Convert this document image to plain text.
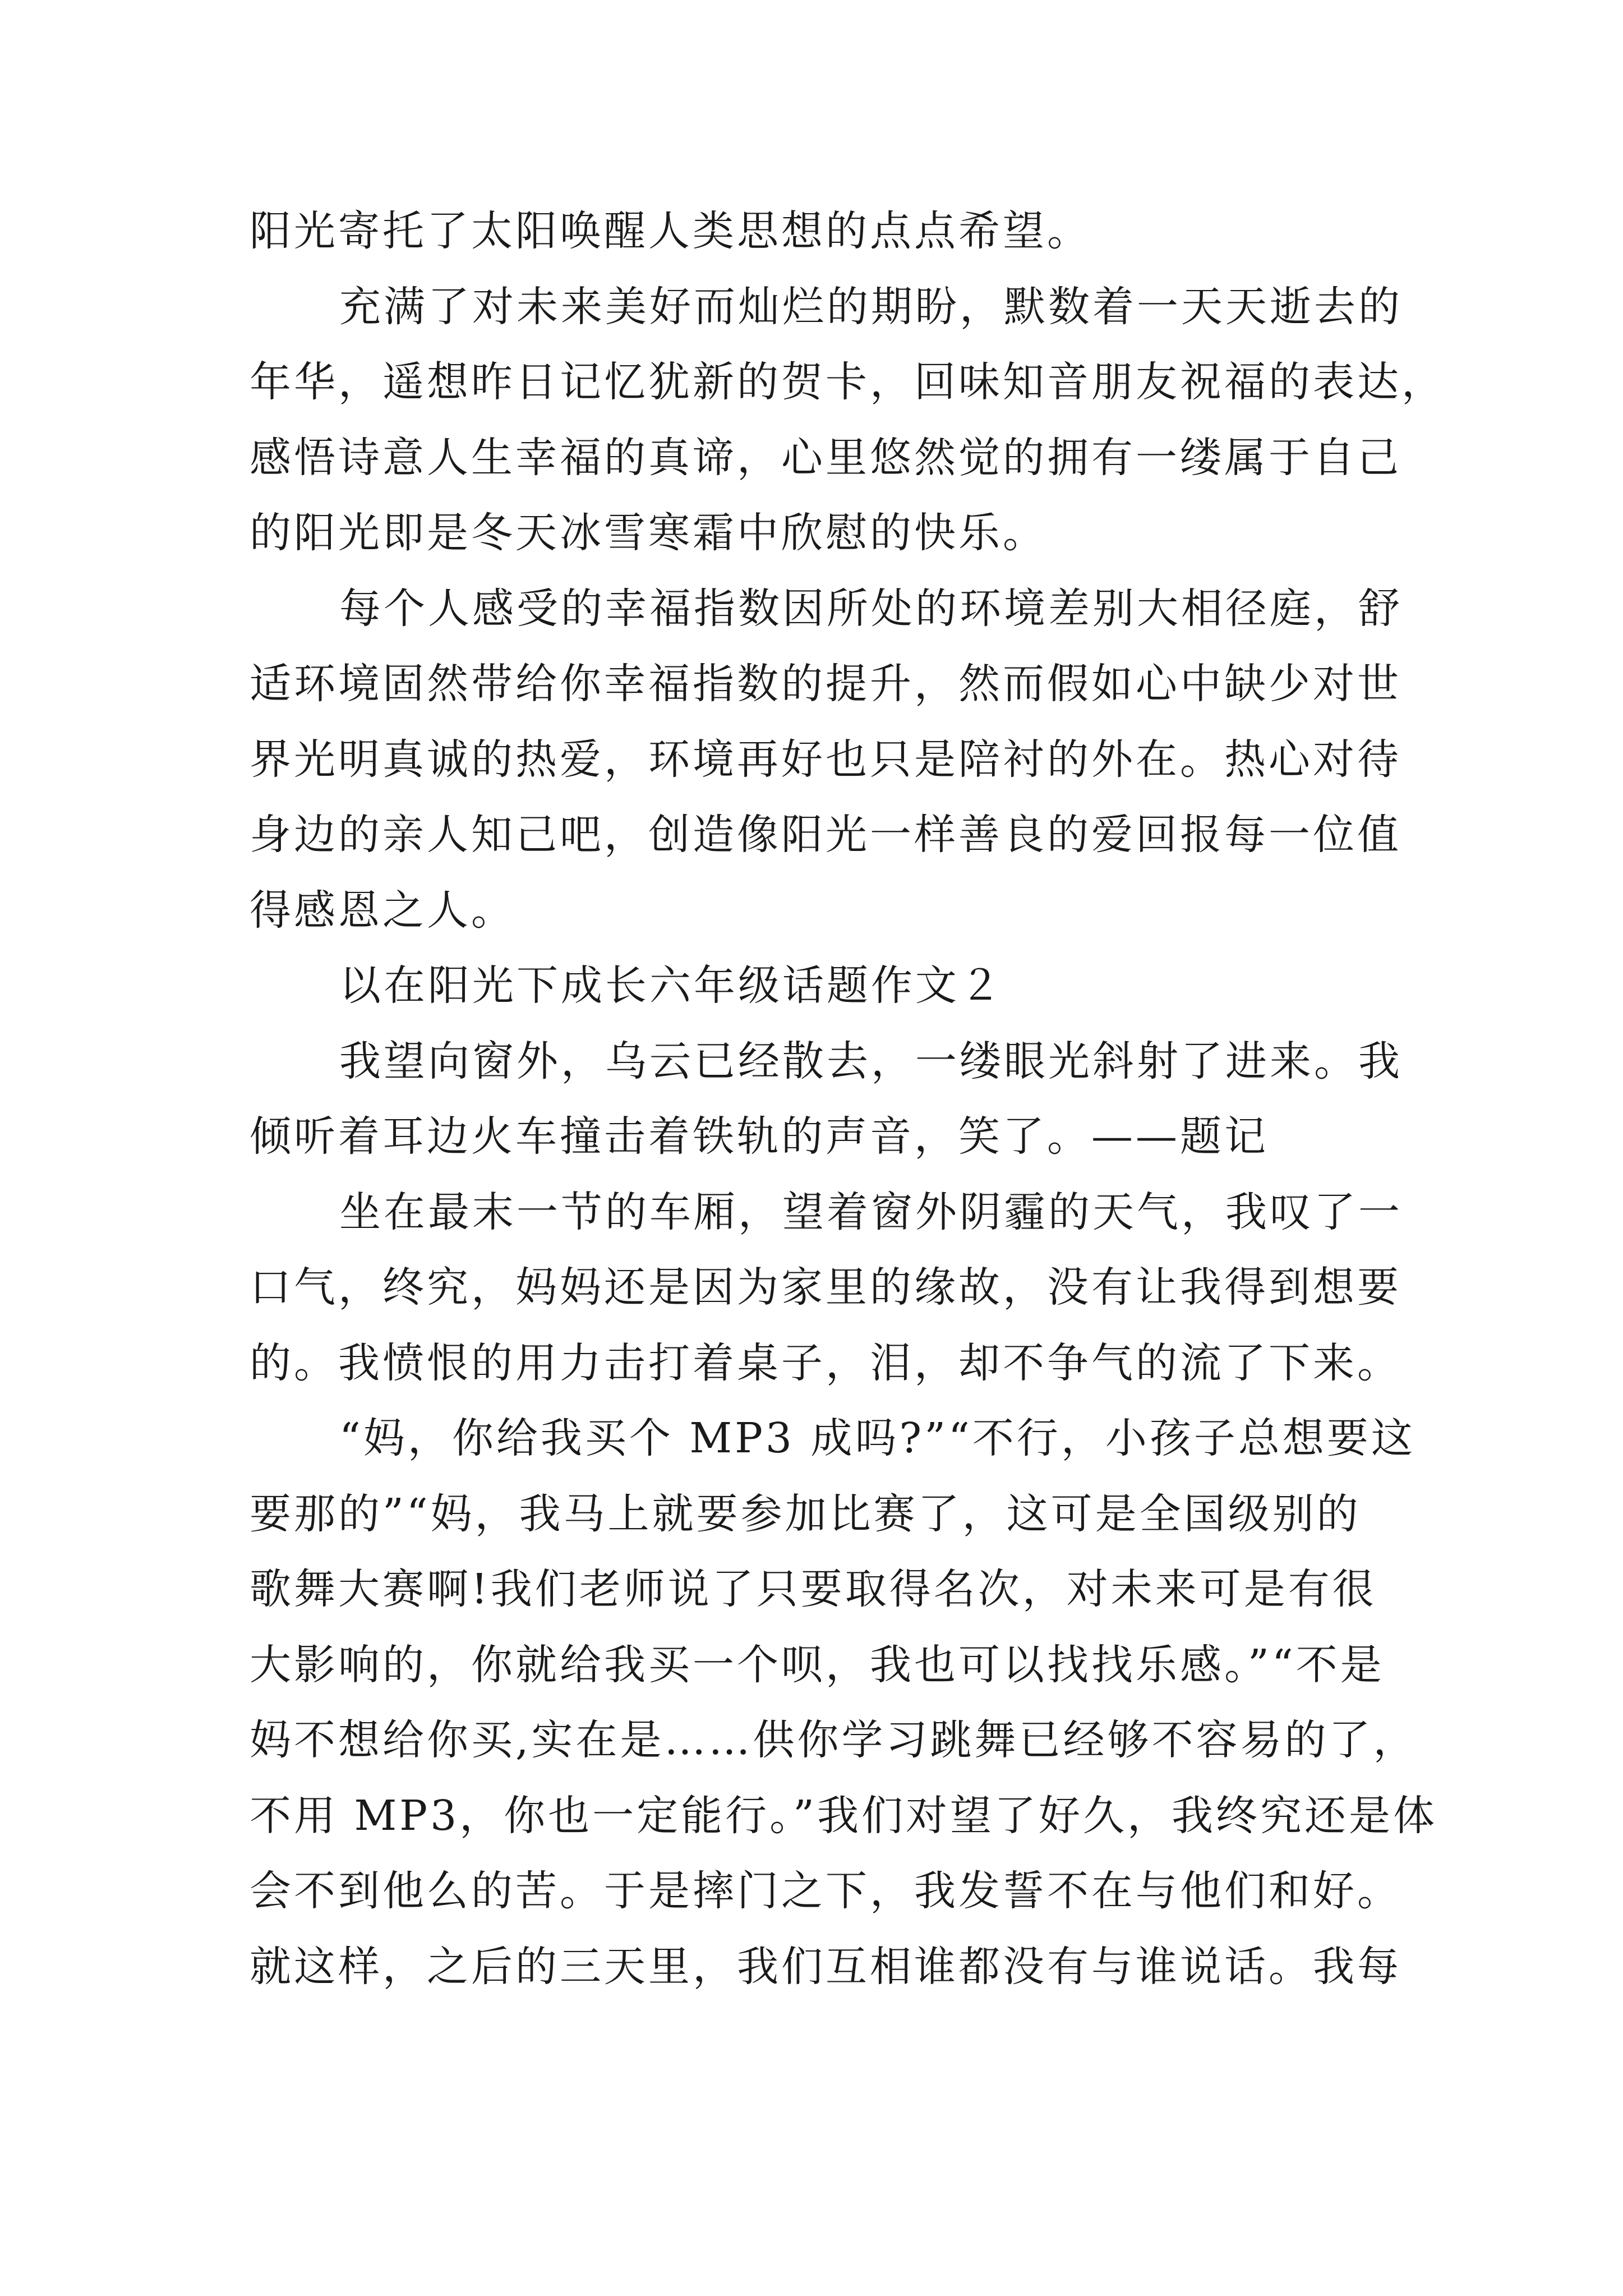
阳光寄托了太阳唤醒人类思想的点点希望。
充满了对未来美好而灿烂的期盼，默数着一天天逝去的
年华，遥想昨日记忆犹新的贺卡，回味知音朋友祝福的表达，
感悟诗意人生幸福的真谛，心里悠然觉的拥有一缕属于自己
的阳光即是冬天冰雪寒霜中欣慰的快乐。
每个人感受的幸福指数因所处的环境差别大相径庭，舒
适环境固然带给你幸福指数的提升，然而假如心中缺少对世
界光明真诚的热爱，环境再好也只是陪衬的外在。热心对待
身边的亲人知己吧，创造像阳光一样善良的爱回报每一位值
得感恩之人。
以在阳光下成长六年级话题作文２
我望向窗外，乌云已经散去，一缕眼光斜射了进来。我
倾听着耳边火车撞击着铁轨的声音，笑了。——题记
坐在最末一节的车厢，望着窗外阴霾的天气，我叹了一
口气，终究，妈妈还是因为家里的缘故，没有让我得到想要
的。我愤恨的用力击打着桌子，泪，却不争气的流了下来。
“妈，你给我买个 MP3 成吗?”“不行，小孩子总想要这
要那的”“妈，我马上就要参加比赛了，这可是全国级别的
歌舞大赛啊!我们老师说了只要取得名次，对未来可是有很
大影响的，你就给我买一个呗，我也可以找找乐感。”“不是
妈不想给你买,实在是……供你学习跳舞已经够不容易的了，
不用 MP3，你也一定能行。”我们对望了好久，我终究还是体
会不到他么的苦。于是摔门之下，我发誓不在与他们和好。
就这样，之后的三天里，我们互相谁都没有与谁说话。我每
